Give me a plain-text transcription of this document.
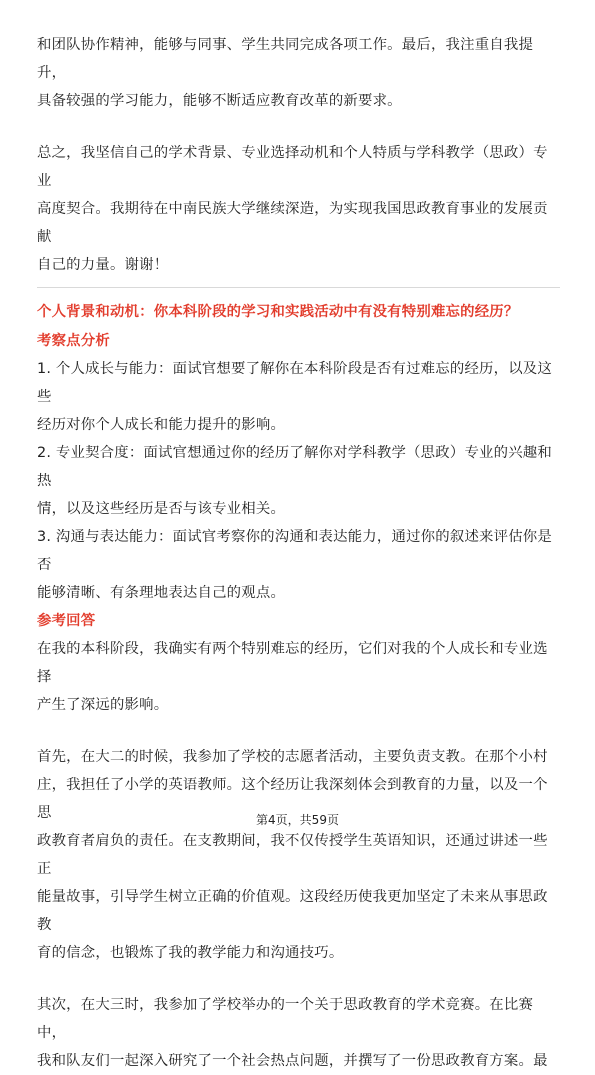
和团队协作精神，能够与同事、学生共同完成各项工作。最后，我注重自我提升，

具备较强的学习能力，能够不断适应教育改革的新要求。

总之，我坚信自己的学术背景、专业选择动机和个人特质与学科教学（思政）专业

高度契合。我期待在中南民族大学继续深造，为实现我国思政教育事业的发展贡献

自己的力量。谢谢！

个人背景和动机：你本科阶段的学习和实践活动中有没有特别难忘的经历？

考察点分析

1. 个人成长与能力：面试官想要了解你在本科阶段是否有过难忘的经历，以及这些

经历对你个人成长和能力提升的影响。

2. 专业契合度：面试官想通过你的经历了解你对学科教学（思政）专业的兴趣和热

情，以及这些经历是否与该专业相关。

3. 沟通与表达能力：面试官考察你的沟通和表达能力，通过你的叙述来评估你是否

能够清晰、有条理地表达自己的观点。

参考回答

在我的本科阶段，我确实有两个特别难忘的经历，它们对我的个人成长和专业选择

产生了深远的影响。

首先，在大二的时候，我参加了学校的志愿者活动，主要负责支教。在那个小村

庄，我担任了小学的英语教师。这个经历让我深刻体会到教育的力量，以及一个思

政教育者肩负的责任。在支教期间，我不仅传授学生英语知识，还通过讲述一些正

能量故事，引导学生树立正确的价值观。这段经历使我更加坚定了未来从事思政教

育的信念，也锻炼了我的教学能力和沟通技巧。

其次，在大三时，我参加了学校举办的一个关于思政教育的学术竞赛。在比赛中，

我和队友们一起深入研究了一个社会热点问题，并撰写了一份思政教育方案。最

第4页，共59页
